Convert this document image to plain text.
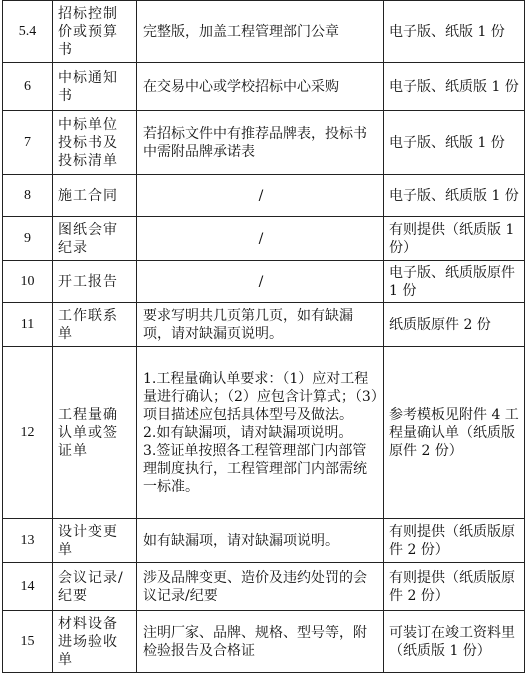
5.4	招标控制价或预算书	完整版，加盖工程管理部门公章	电子版、纸版 1 份
6	中标通知书	在交易中心或学校招标中心采购	电子版、纸质版 1 份
7	中标单位投标书及投标清单	若招标文件中有推荐品牌表，投标书中需附品牌承诺表	电子版、纸版 1 份
8	施工合同	/	电子版、纸质版 1 份
9	图纸会审纪录	/	有则提供（纸质版 1 份）
10	开工报告	/	电子版、纸质版原件 1 份
11	工作联系单	要求写明共几页第几页，如有缺漏项，请对缺漏页说明。	纸质版原件 2 份
12	工程量确认单或签证单	1.工程量确认单要求：（1）应对工程量进行确认；（2）应包含计算式；（3）项目描述应包括具体型号及做法。
2.如有缺漏项，请对缺漏项说明。
3.签证单按照各工程管理部门内部管理制度执行，工程管理部门内部需统一标准。	参考模板见附件 4 工程量确认单（纸质版原件 2 份）
13	设计变更单	如有缺漏项，请对缺漏项说明。	有则提供（纸质版原件 2 份）
14	会议记录/纪要	涉及品牌变更、造价及违约处罚的会议记录/纪要	有则提供（纸质版原件 2 份）
15	材料设备进场验收单	注明厂家、品牌、规格、型号等，附检验报告及合格证	可装订在竣工资料里（纸质版 1 份）
